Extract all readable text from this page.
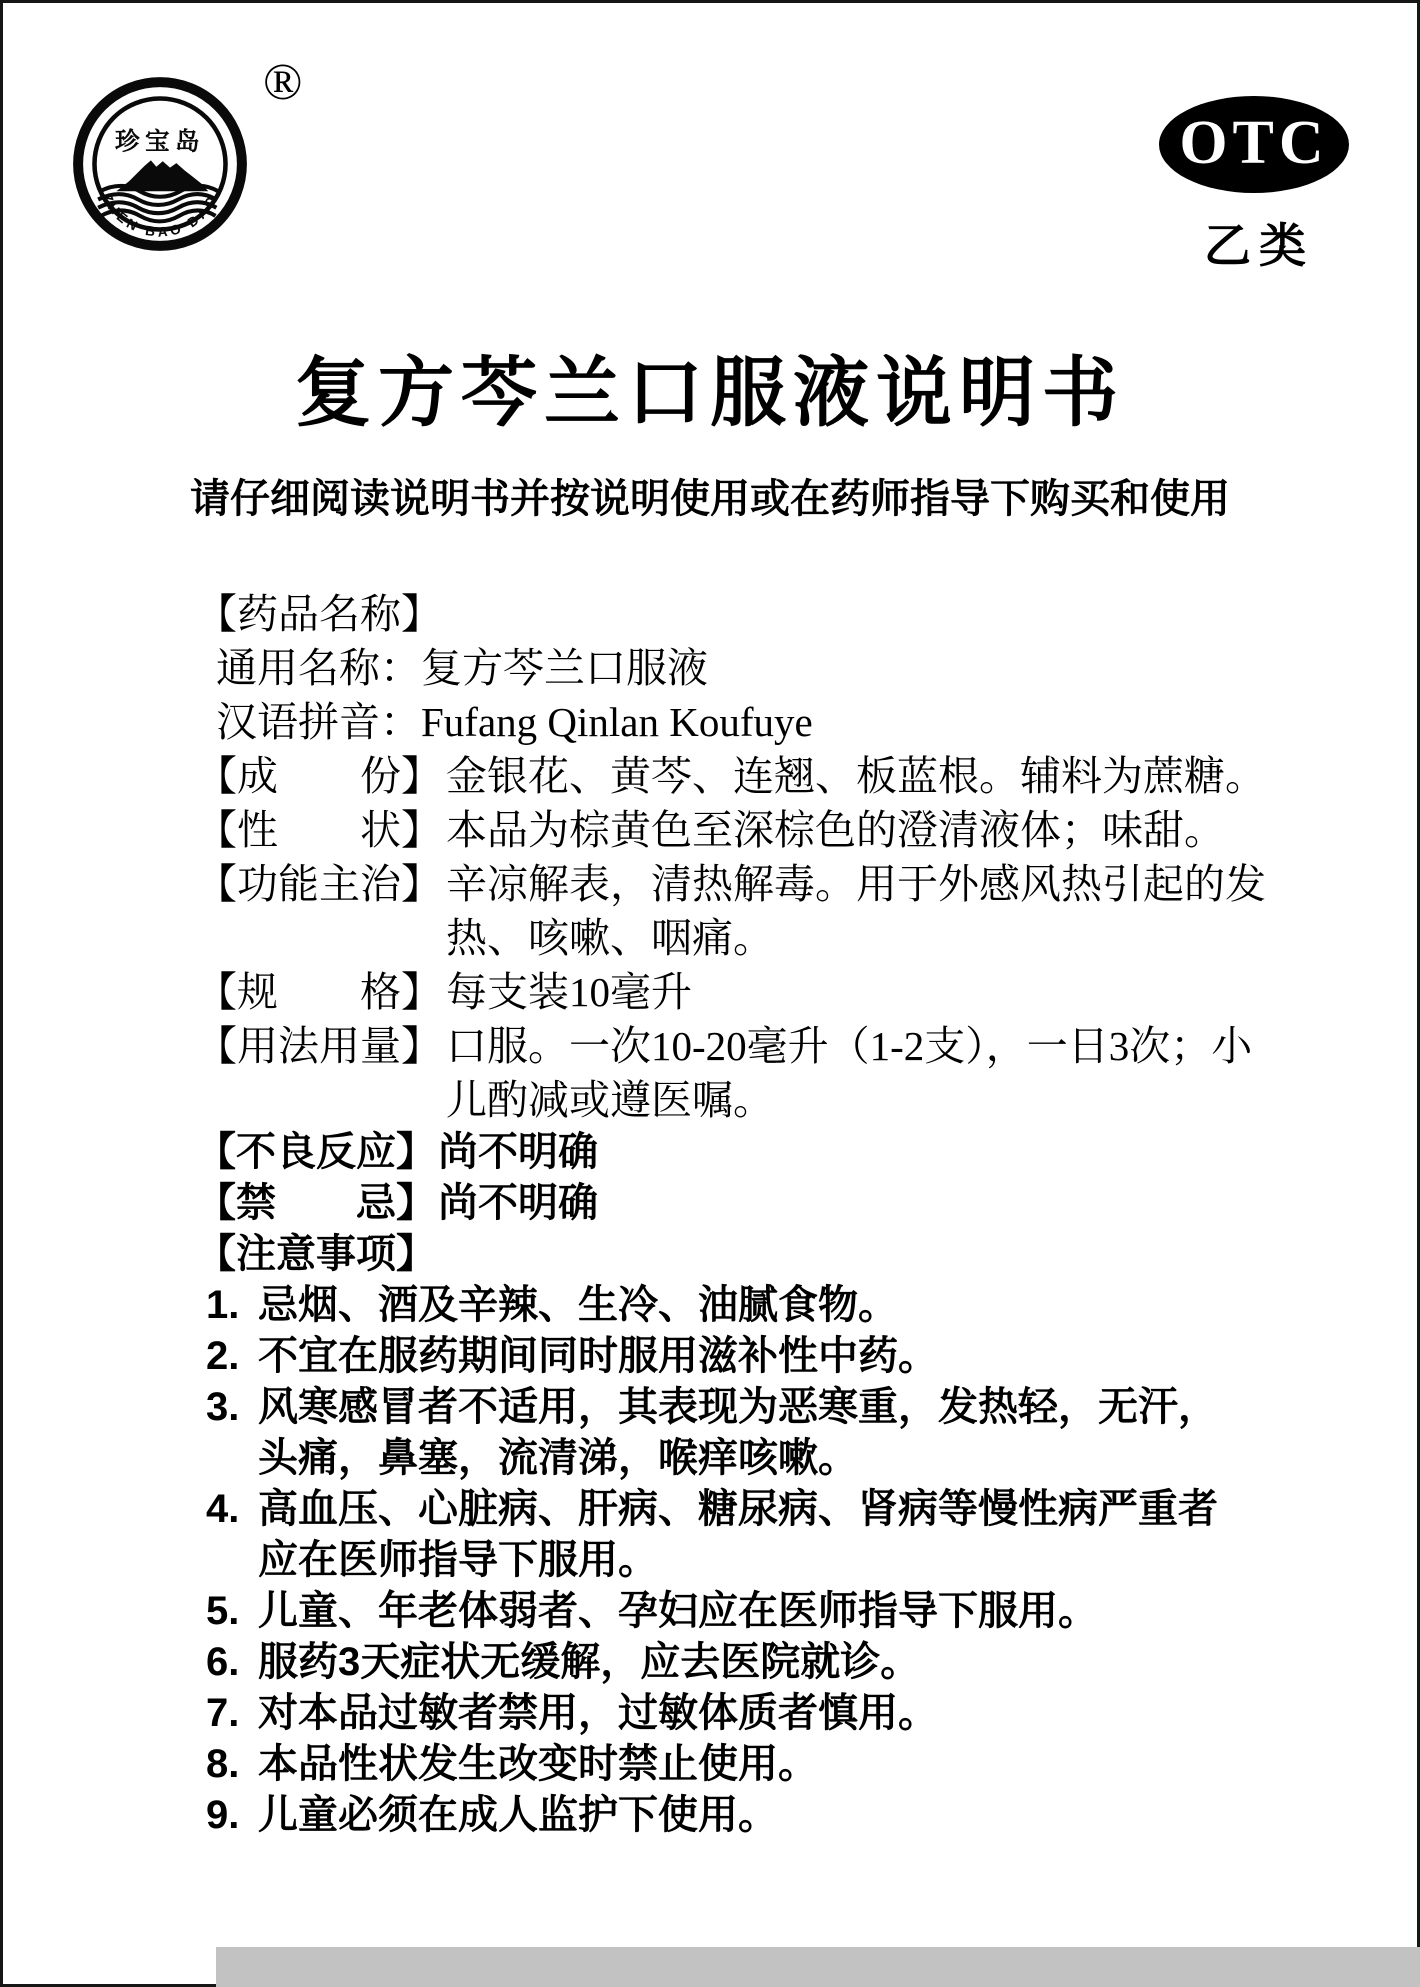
珍宝岛
ZHEN BAO DAO
®
OTC
乙类
复方芩兰口服液说明书
请仔细阅读说明书并按说明使用或在药师指导下购买和使用
【药品名称】
通用名称：复方芩兰口服液
汉语拼音：Fufang Qinlan Koufuye
【成　　份】 金银花、黄芩、连翘、板蓝根。辅料为蔗糖。
【性　　状】 本品为棕黄色至深棕色的澄清液体；味甜。
【功能主治】 辛凉解表，清热解毒。用于外感风热引起的发热、咳嗽、咽痛。
【规　　格】 每支装10毫升
【用法用量】 口服。一次10-20毫升（1-2支），一日3次；小儿酌减或遵医嘱。
【不良反应】 尚不明确
【禁　　忌】 尚不明确
【注意事项】
1. 忌烟、酒及辛辣、生冷、油腻食物。
2. 不宜在服药期间同时服用滋补性中药。
3. 风寒感冒者不适用，其表现为恶寒重，发热轻，无汗，头痛，鼻塞，流清涕，喉痒咳嗽。
4. 高血压、心脏病、肝病、糖尿病、肾病等慢性病严重者应在医师指导下服用。
5. 儿童、年老体弱者、孕妇应在医师指导下服用。
6. 服药3天症状无缓解，应去医院就诊。
7. 对本品过敏者禁用，过敏体质者慎用。
8. 本品性状发生改变时禁止使用。
9. 儿童必须在成人监护下使用。
